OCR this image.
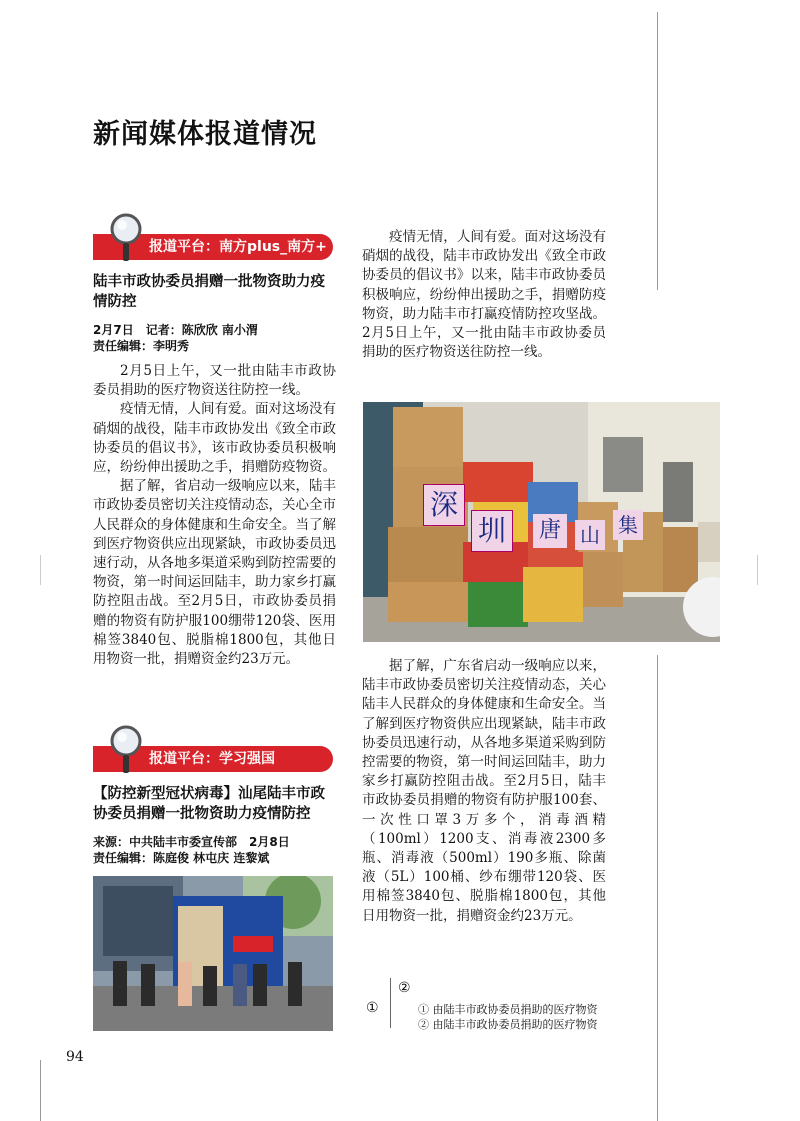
新闻媒体报道情况
报道平台：南方plus_南方+
陆丰市政协委员捐赠一批物资助力疫情防控
2月7日　记者：陈欣欣 南小渭
责任编辑：李明秀

2月5日上午，又一批由陆丰市政协委员捐助的医疗物资送往防控一线。

疫情无情，人间有爱。面对这场没有硝烟的战役，陆丰市政协发出《致全市政协委员的倡议书》，该市政协委员积极响应，纷纷伸出援助之手，捐赠防疫物资。

据了解，省启动一级响应以来，陆丰市政协委员密切关注疫情动态，关心全市人民群众的身体健康和生命安全。当了解到医疗物资供应出现紧缺，市政协委员迅速行动，从各地多渠道采购到防控需要的物资，第一时间运回陆丰，助力家乡打赢防控阻击战。至2月5日，市政协委员捐赠的物资有防护服100绷带120袋、医用棉签3840包、脱脂棉1800包，其他日用物资一批，捐赠资金约23万元。

报道平台：学习强国
【防控新型冠状病毒】汕尾陆丰市政协委员捐赠一批物资助力疫情防控
来源：中共陆丰市委宣传部　2月8日
责任编辑：陈庭俊 林屯庆 连黎斌

疫情无情，人间有爱。面对这场没有硝烟的战役，陆丰市政协发出《致全市政协委员的倡议书》以来，陆丰市政协委员积极响应，纷纷伸出援助之手，捐赠防疫物资，助力陆丰市打赢疫情防控攻坚战。2月5日上午，又一批由陆丰市政协委员捐助的医疗物资送往防控一线。

深
圳	唐 山 集

据了解，广东省启动一级响应以来，陆丰市政协委员密切关注疫情动态，关心陆丰人民群众的身体健康和生命安全。当了解到医疗物资供应出现紧缺，陆丰市政协委员迅速行动，从各地多渠道采购到防控需要的物资，第一时间运回陆丰，助力家乡打赢防控阻击战。至2月5日，陆丰市政协委员捐赠的物资有防护服100套、一次性口罩3万多个，消毒酒精（100ml）1200支、消毒液2300多瓶、消毒液（500ml）190多瓶、除菌液（5L）100桶、纱布绷带120袋、医用棉签3840包、脱脂棉1800包，其他日用物资一批，捐赠资金约23万元。

①
②
① 由陆丰市政协委员捐助的医疗物资
② 由陆丰市政协委员捐助的医疗物资
94
